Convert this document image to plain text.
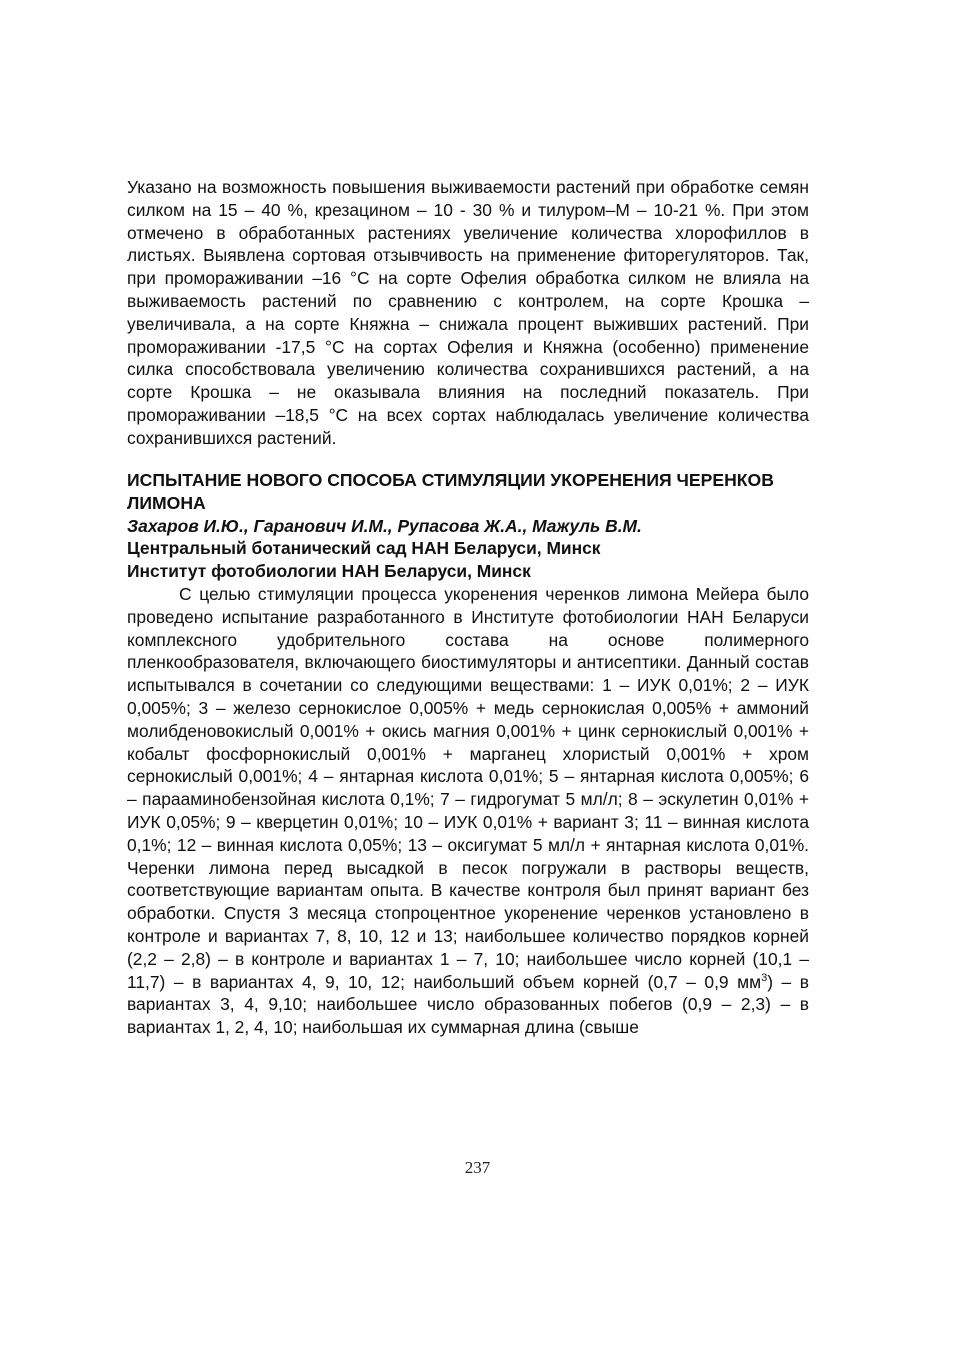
Указано на возможность повышения выживаемости растений при обработке семян силком на 15 – 40 %, крезацином – 10 - 30 % и тилуром–М – 10-21 %. При этом отмечено в обработанных растениях увеличение количества хлорофиллов в листьях. Выявлена сортовая отзывчивость на применение фиторегуляторов. Так, при промораживании –16 °С на сорте Офелия обработка силком не влияла на выживаемость растений по сравнению с контролем, на сорте Крошка – увеличивала, а на сорте Княжна – снижала процент выживших растений. При промораживании -17,5 °С на сортах Офелия и Княжна (особенно) применение силка способствовала увеличению количества сохранившихся растений, а на сорте Крошка – не оказывала влияния на последний показатель. При промораживании –18,5 °С на всех сортах наблюдалась увеличение количества сохранившихся растений.

ИСПЫТАНИЕ НОВОГО СПОСОБА СТИМУЛЯЦИИ УКОРЕНЕНИЯ ЧЕРЕНКОВ ЛИМОНА

Захаров И.Ю., Гаранович И.М., Рупасова Ж.А., Мажуль В.М.

Центральный ботанический сад НАН Беларуси, Минск

Институт фотобиологии НАН Беларуси, Минск

С целью стимуляции процесса укоренения черенков лимона Мейера было проведено испытание разработанного в Институте фотобиологии НАН Беларуси комплексного удобрительного состава на основе полимерного пленкообразователя, включающего биостимуляторы и антисептики. Данный состав испытывался в сочетании со следующими веществами: 1 – ИУК 0,01%; 2 – ИУК 0,005%; 3 – железо сернокислое 0,005% + медь сернокислая 0,005% + аммоний молибденовокислый 0,001% + окись магния 0,001% + цинк сернокислый 0,001% + кобальт фосфорнокислый 0,001% + марганец хлористый 0,001% + хром сернокислый 0,001%; 4 – янтарная кислота 0,01%; 5 – янтарная кислота 0,005%; 6 – парааминобензойная кислота 0,1%; 7 – гидрогумат 5 мл/л; 8 – эскулетин 0,01% + ИУК 0,05%; 9 – кверцетин 0,01%; 10 – ИУК 0,01% + вариант 3; 11 – винная кислота 0,1%; 12 – винная кислота 0,05%; 13 – оксигумат 5 мл/л + янтарная кислота 0,01%. Черенки лимона перед высадкой в песок погружали в растворы веществ, соответствующие вариантам опыта. В качестве контроля был принят вариант без обработки. Спустя 3 месяца стопроцентное укоренение черенков установлено в контроле и вариантах 7, 8, 10, 12 и 13; наибольшее количество порядков корней (2,2 – 2,8) – в контроле и вариантах 1 – 7, 10; наибольшее число корней (10,1 – 11,7) – в вариантах 4, 9, 10, 12; наибольший объем корней (0,7 – 0,9 $мм^3$) – в вариантах 3, 4, 9,10; наибольшее число образованных побегов (0,9 – 2,3) – в вариантах 1, 2, 4, 10; наибольшая их суммарная длина (свыше

237
